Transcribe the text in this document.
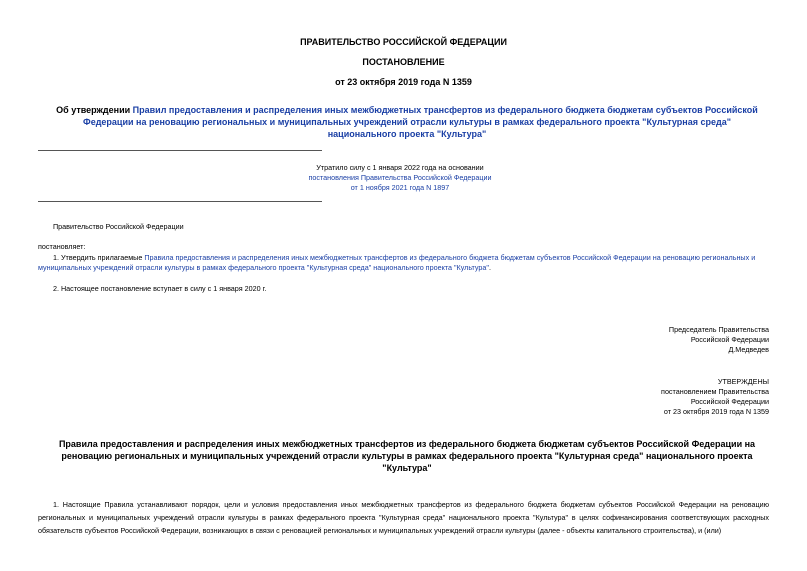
ПРАВИТЕЛЬСТВО РОССИЙСКОЙ ФЕДЕРАЦИИ
ПОСТАНОВЛЕНИЕ
от 23 октября 2019 года N 1359
Об утверждении Правил предоставления и распределения иных межбюджетных трансфертов из федерального бюджета бюджетам субъектов Российской Федерации на реновацию региональных и муниципальных учреждений отрасли культуры в рамках федерального проекта "Культурная среда" национального проекта "Культура"
Утратило силу с 1 января 2022 года на основании
постановления Правительства Российской Федерации
от 1 ноября 2021 года N 1897
Правительство Российской Федерации
постановляет:
1. Утвердить прилагаемые Правила предоставления и распределения иных межбюджетных трансфертов из федерального бюджета бюджетам субъектов Российской Федерации на реновацию региональных и муниципальных учреждений отрасли культуры в рамках федерального проекта "Культурная среда" национального проекта "Культура".
2. Настоящее постановление вступает в силу с 1 января 2020 г.
Председатель Правительства
Российской Федерации
Д.Медведев
УТВЕРЖДЕНЫ
постановлением Правительства
Российской Федерации
от 23 октября 2019 года N 1359
Правила предоставления и распределения иных межбюджетных трансфертов из федерального бюджета бюджетам субъектов Российской Федерации на реновацию региональных и муниципальных учреждений отрасли культуры в рамках федерального проекта "Культурная среда" национального проекта "Культура"
1. Настоящие Правила устанавливают порядок, цели и условия предоставления иных межбюджетных трансфертов из федерального бюджета бюджетам субъектов Российской Федерации на реновацию региональных и муниципальных учреждений отрасли культуры в рамках федерального проекта "Культурная среда" национального проекта "Культура" в целях софинансирования соответствующих расходных обязательств субъектов Российской Федерации, возникающих в связи с реновацией региональных и муниципальных учреждений отрасли культуры (далее - объекты капитального строительства), и (или)
